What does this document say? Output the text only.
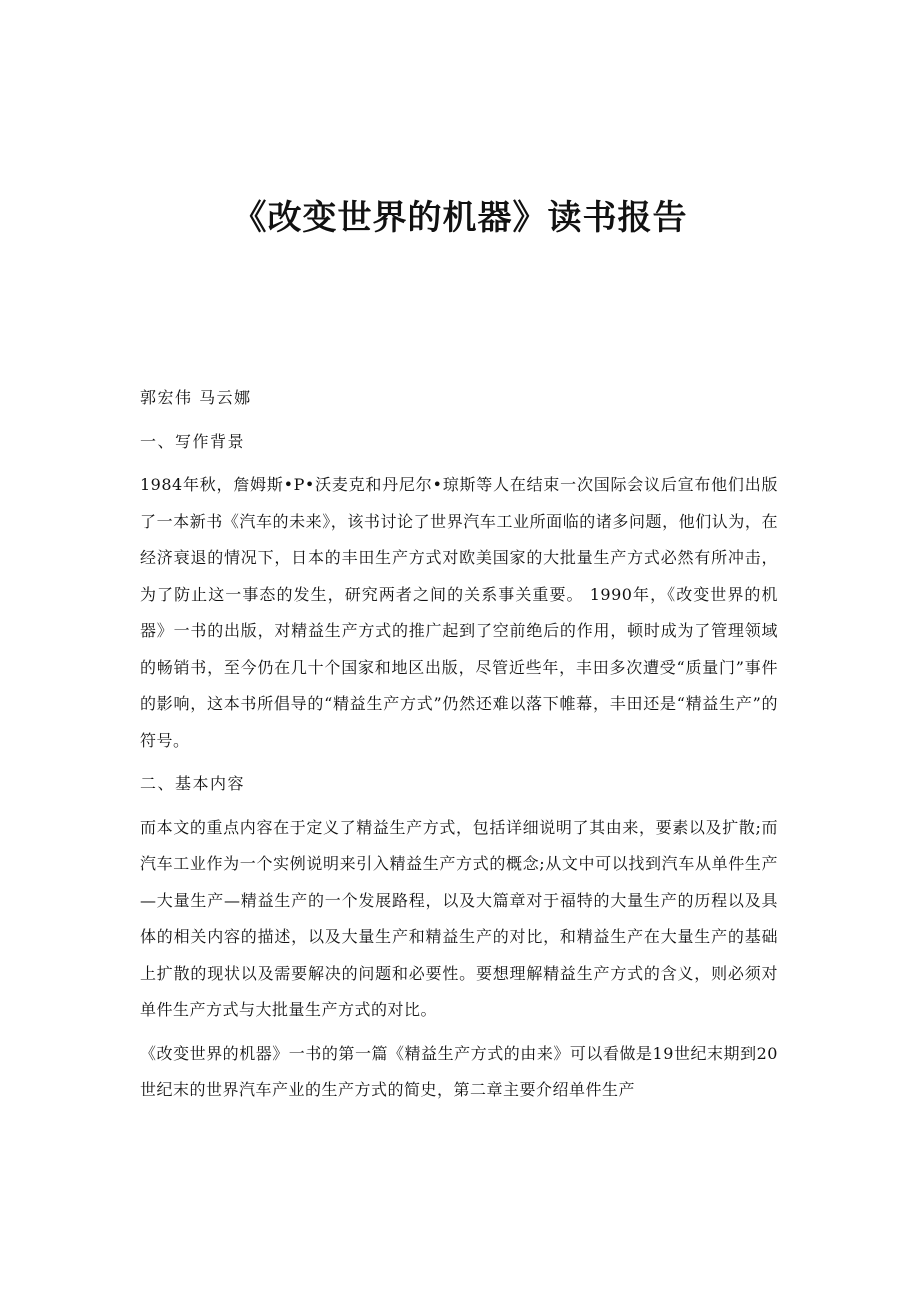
《改变世界的机器》读书报告

郭宏伟 马云娜

一、写作背景

1984年秋，詹姆斯•P•沃麦克和丹尼尔•琼斯等人在结束一次国际会议后宣布他们出版了一本新书《汽车的未来》，该书讨论了世界汽车工业所面临的诸多问题，他们认为，在经济衰退的情况下，日本的丰田生产方式对欧美国家的大批量生产方式必然有所冲击，为了防止这一事态的发生，研究两者之间的关系事关重要。 1990年，《改变世界的机器》一书的出版，对精益生产方式的推广起到了空前绝后的作用，顿时成为了管理领域的畅销书，至今仍在几十个国家和地区出版，尽管近些年，丰田多次遭受“质量门”事件的影响，这本书所倡导的“精益生产方式”仍然还难以落下帷幕，丰田还是“精益生产”的符号。

二、基本内容

而本文的重点内容在于定义了精益生产方式，包括详细说明了其由来，要素以及扩散;而汽车工业作为一个实例说明来引入精益生产方式的概念;从文中可以找到汽车从单件生产—大量生产—精益生产的一个发展路程，以及大篇章对于福特的大量生产的历程以及具体的相关内容的描述，以及大量生产和精益生产的对比，和精益生产在大量生产的基础上扩散的现状以及需要解决的问题和必要性。要想理解精益生产方式的含义，则必须对单件生产方式与大批量生产方式的对比。

《改变世界的机器》一书的第一篇《精益生产方式的由来》可以看做是19世纪末期到20世纪末的世界汽车产业的生产方式的简史，第二章主要介绍单件生产
